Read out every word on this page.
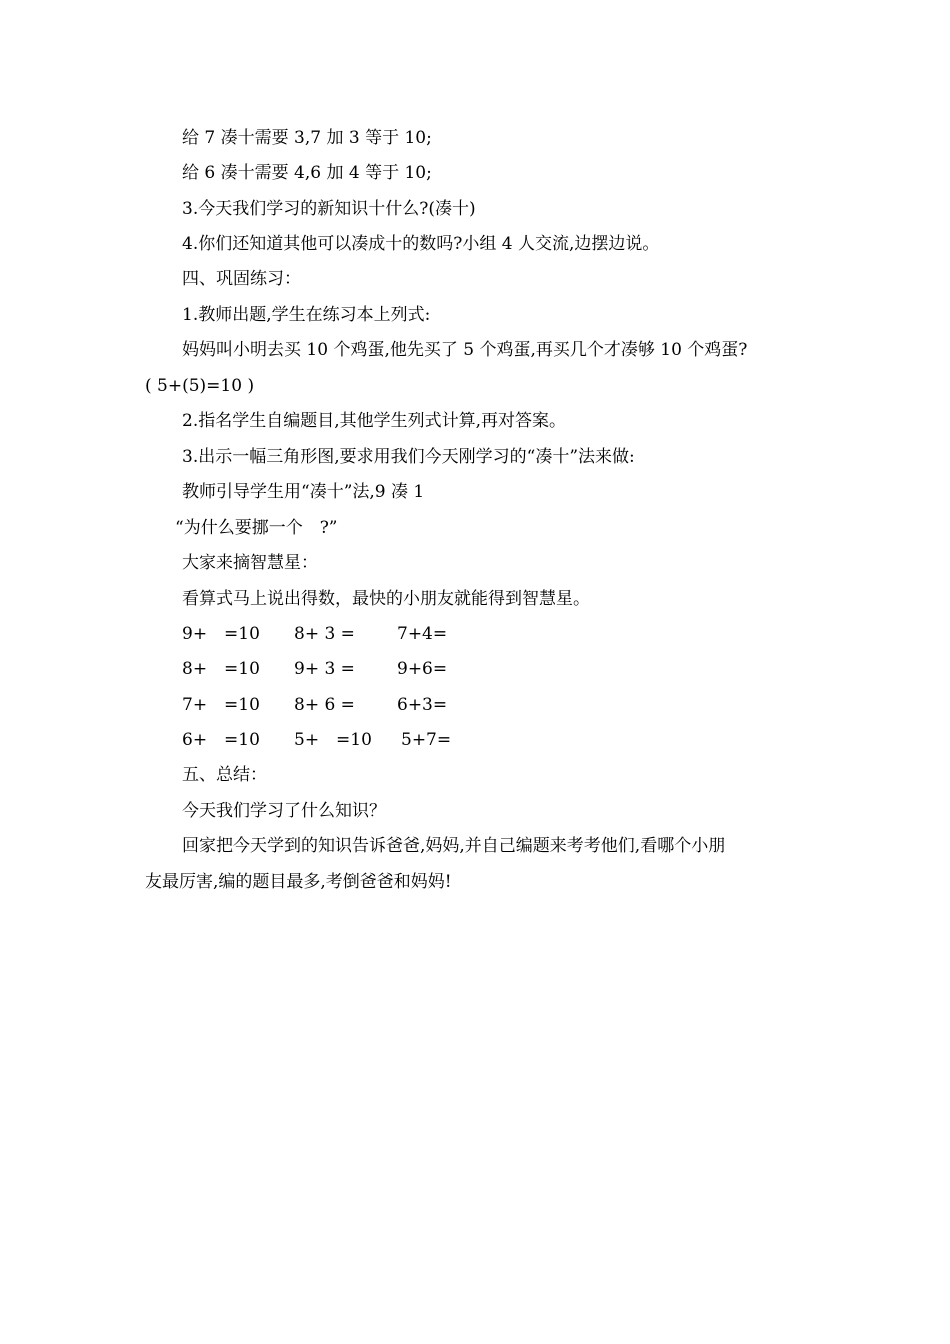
给 7 凑十需要 3,7 加 3 等于 10;
给 6 凑十需要 4,6 加 4 等于 10;
3.今天我们学习的新知识十什么?(凑十)
4.你们还知道其他可以凑成十的数吗?小组 4 人交流,边摆边说。
四、巩固练习：
1.教师出题,学生在练习本上列式:
妈妈叫小明去买 10 个鸡蛋,他先买了 5 个鸡蛋,再买几个才凑够 10 个鸡蛋?
( 5+(5)=10 )
2.指名学生自编题目,其他学生列式计算,再对答案。
3.出示一幅三角形图,要求用我们今天刚学习的“凑十”法来做:
教师引导学生用“凑十”法,9 凑 1
“为什么要挪一个　?”
大家来摘智慧星：
看算式马上说出得数，最快的小朋友就能得到智慧星。
9+　=10 8+ 3 = 7+4=
8+　=10 9+ 3 = 9+6=
7+　=10 8+ 6 = 6+3=
6+　=10 5+　=10 5+7=
五、总结：
今天我们学习了什么知识？
回家把今天学到的知识告诉爸爸,妈妈,并自己编题来考考他们,看哪个小朋
友最厉害,编的题目最多,考倒爸爸和妈妈!
